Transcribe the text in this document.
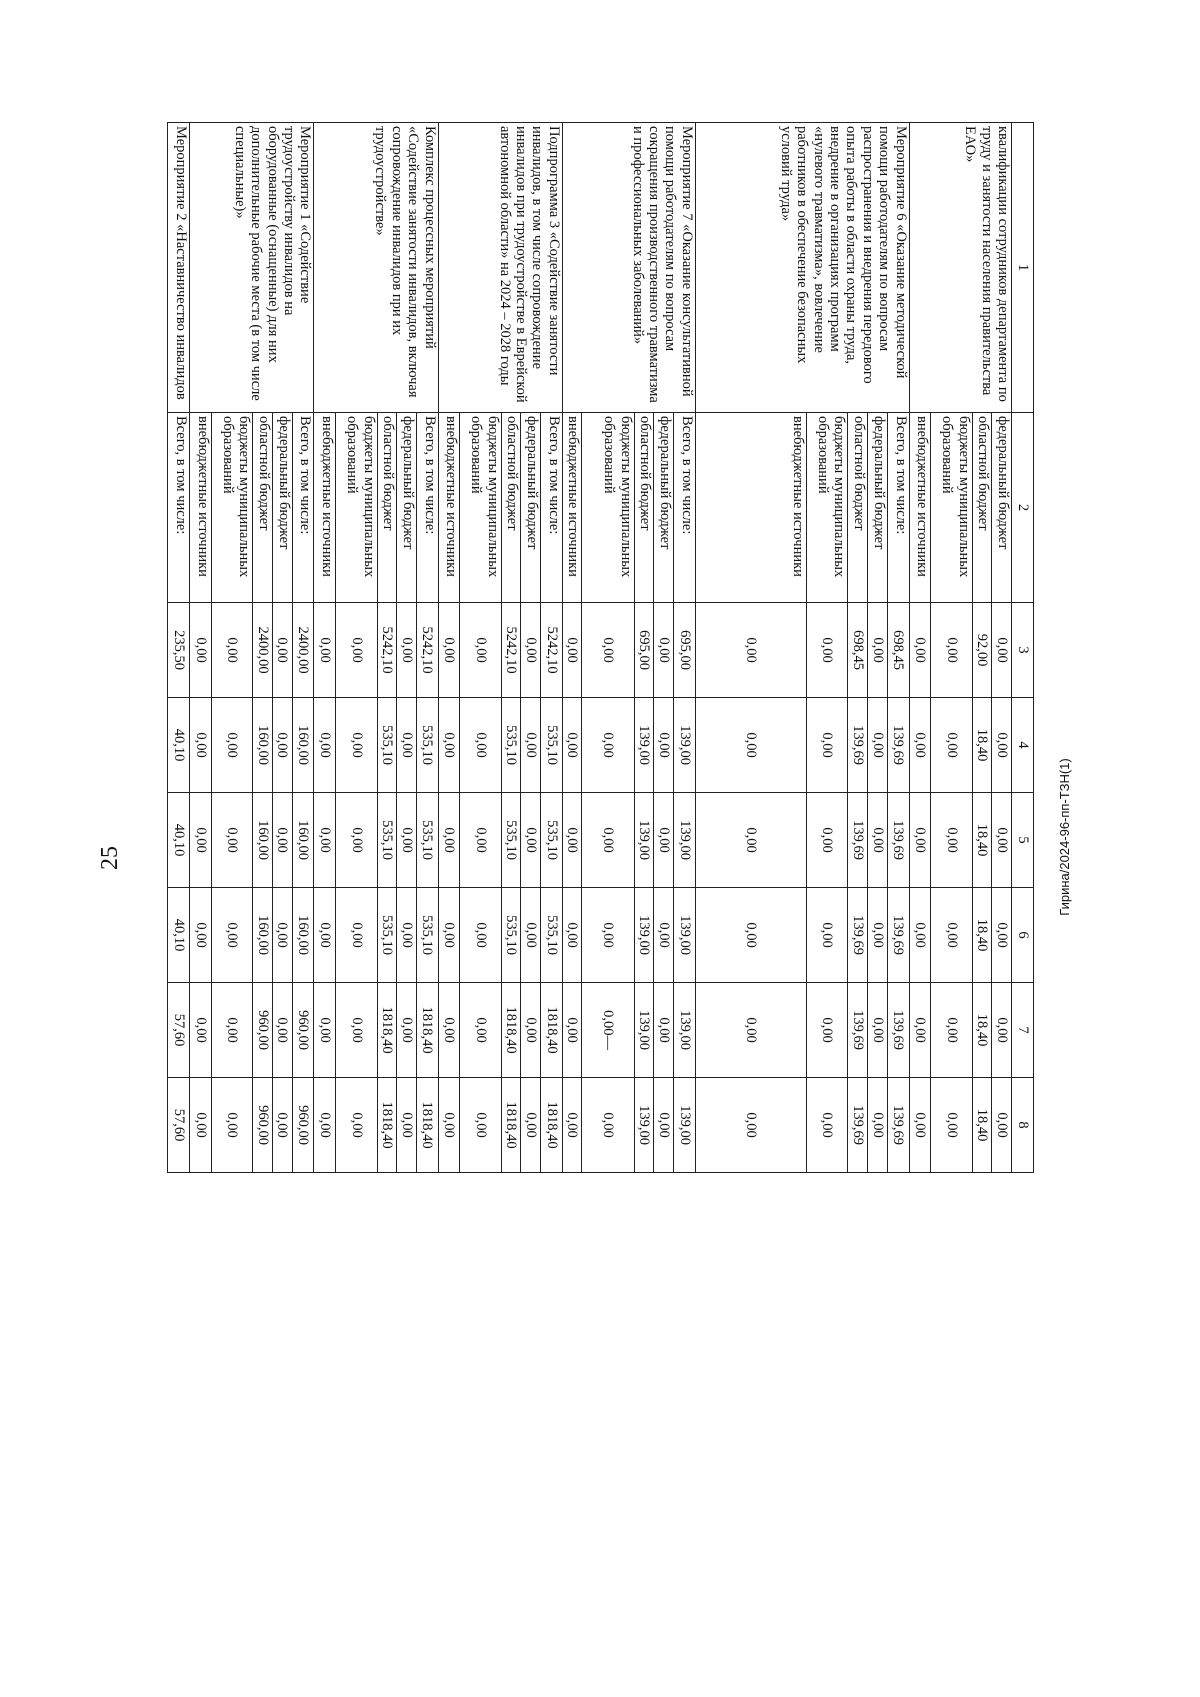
25
1	2	3	4	5	6	7	8
квалификации сотрудников департамента по труду и занятости населения правительства ЕАО»	федеральный бюджет	0,00	0,00	0,00	0,00	0,00	0,00
	областной бюджет	92,00	18,40	18,40	18,40	18,40	18,40
	бюджеты муниципальных образований	0,00	0,00	0,00	0,00	0,00	0,00
	внебюджетные источники	0,00	0,00	0,00	0,00	0,00	0,00
Мероприятие 6 «Оказание методической помощи работодателям по вопросам распространения и внедрения передового опыта работы в области охраны труда, внедрение в организациях программ «нулевого травматизма», вовлечение работников в обеспечение безопасных условий труда»	Всего, в том числе:	698,45	139,69	139,69	139,69	139,69	139,69
	федеральный бюджет	0,00	0,00	0,00	0,00	0,00	0,00
	областной бюджет	698,45	139,69	139,69	139,69	139,69	139,69
	бюджеты муниципальных образований	0,00	0,00	0,00	0,00	0,00	0,00
	внебюджетные источники	0,00	0,00	0,00	0,00	0,00	0,00
Мероприятие 7 «Оказание консультативной помощи работодателям по вопросам сокращения производственного травматизма и профессиональных заболеваний»	Всего, в том числе:	695,00	139,00	139,00	139,00	139,00	139,00
	федеральный бюджет	0,00	0,00	0,00	0,00	0,00	0,00
	областной бюджет	695,00	139,00	139,00	139,00	139,00	139,00
	бюджеты муниципальных образований	0,00	0,00	0,00	0,00	0,00—	0,00
	внебюджетные источники	0,00	0,00	0,00	0,00	0,00	0,00
Подпрограмма 3 «Содействие занятости инвалидов, в том числе сопровождение инвалидов при трудоустройстве в Еврейской автономной области» на 2024 – 2028 годы	Всего, в том числе:	5242,10	535,10	535,10	535,10	1818,40	1818,40
	федеральный бюджет	0,00	0,00	0,00	0,00	0,00	0,00
	областной бюджет	5242,10	535,10	535,10	535,10	1818,40	1818,40
	бюджеты муниципальных образований	0,00	0,00	0,00	0,00	0,00	0,00
	внебюджетные источники	0,00	0,00	0,00	0,00	0,00	0,00
Комплекс процессных мероприятий «Содействие занятости инвалидов, включая сопровождение инвалидов при их трудоустройстве»	Всего, в том числе:	5242,10	535,10	535,10	535,10	1818,40	1818,40
	федеральный бюджет	0,00	0,00	0,00	0,00	0,00	0,00
	областной бюджет	5242,10	535,10	535,10	535,10	1818,40	1818,40
	бюджеты муниципальных образований	0,00	0,00	0,00	0,00	0,00	0,00
	внебюджетные источники	0,00	0,00	0,00	0,00	0,00	0,00
Мероприятие 1 «Содействие трудоустройству инвалидов на оборудованные (оснащенные) для них дополнительные рабочие места (в том числе специальные)»	Всего, в том числе:	2400,00	160,00	160,00	160,00	960,00	960,00
	федеральный бюджет	0,00	0,00	0,00	0,00	0,00	0,00
	областной бюджет	2400,00	160,00	160,00	160,00	960,00	960,00
	бюджеты муниципальных образований	0,00	0,00	0,00	0,00	0,00	0,00
	внебюджетные источники	0,00	0,00	0,00	0,00	0,00	0,00
Мероприятие 2 «Наставничество инвалидов	Всего, в том числе:	235,50	40,10	40,10	40,10	57,60	57,60
Гирина/2024-96-пп-ТЗН(1)
